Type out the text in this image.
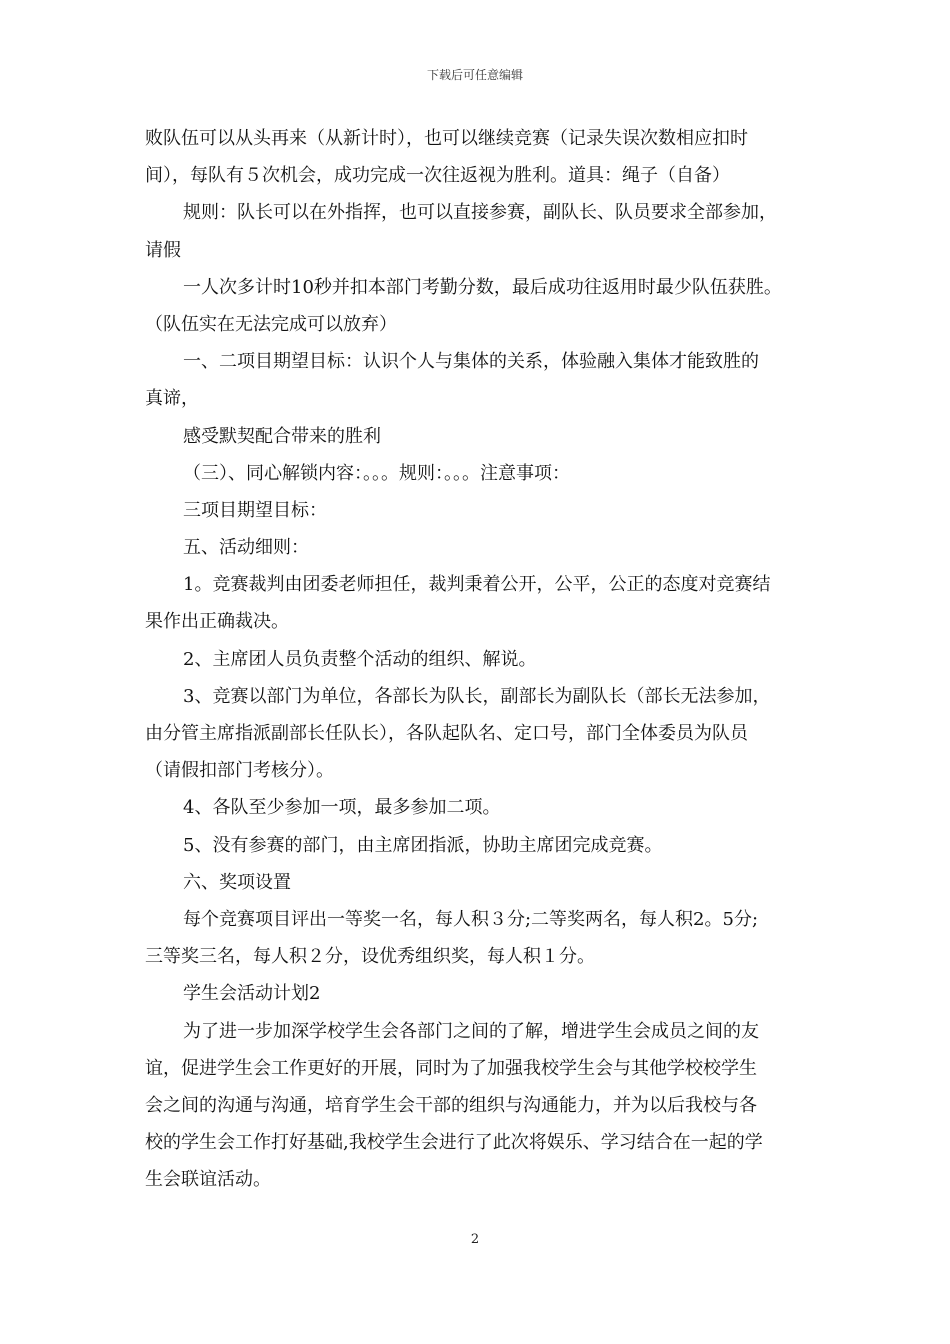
下载后可任意编辑
败队伍可以从头再来（从新计时），也可以继续竞赛（记录失误次数相应扣时
间），每队有５次机会，成功完成一次往返视为胜利。道具：绳子（自备）
规则：队长可以在外指挥，也可以直接参赛，副队长、队员要求全部参加，
请假
一人次多计时10秒并扣本部门考勤分数，最后成功往返用时最少队伍获胜。
（队伍实在无法完成可以放弃）
一、二项目期望目标：认识个人与集体的关系，体验融入集体才能致胜的
真谛，
感受默契配合带来的胜利
（三）、同心解锁内容：。。。规则：。。。注意事项：
三项目期望目标：
五、活动细则：
1。竞赛裁判由团委老师担任，裁判秉着公开，公平，公正的态度对竞赛结
果作出正确裁决。
2、主席团人员负责整个活动的组织、解说。
3、竞赛以部门为单位，各部长为队长，副部长为副队长（部长无法参加，
由分管主席指派副部长任队长），各队起队名、定口号，部门全体委员为队员
（请假扣部门考核分）。
4、各队至少参加一项，最多参加二项。
5、没有参赛的部门，由主席团指派，协助主席团完成竞赛。
六、奖项设置
每个竞赛项目评出一等奖一名，每人积３分;二等奖两名，每人积2。5分;
三等奖三名，每人积２分，设优秀组织奖，每人积１分。
学生会活动计划2
为了进一步加深学校学生会各部门之间的了解，增进学生会成员之间的友
谊，促进学生会工作更好的开展，同时为了加强我校学生会与其他学校校学生
会之间的沟通与沟通，培育学生会干部的组织与沟通能力，并为以后我校与各
校的学生会工作打好基础,我校学生会进行了此次将娱乐、学习结合在一起的学
生会联谊活动。
2
